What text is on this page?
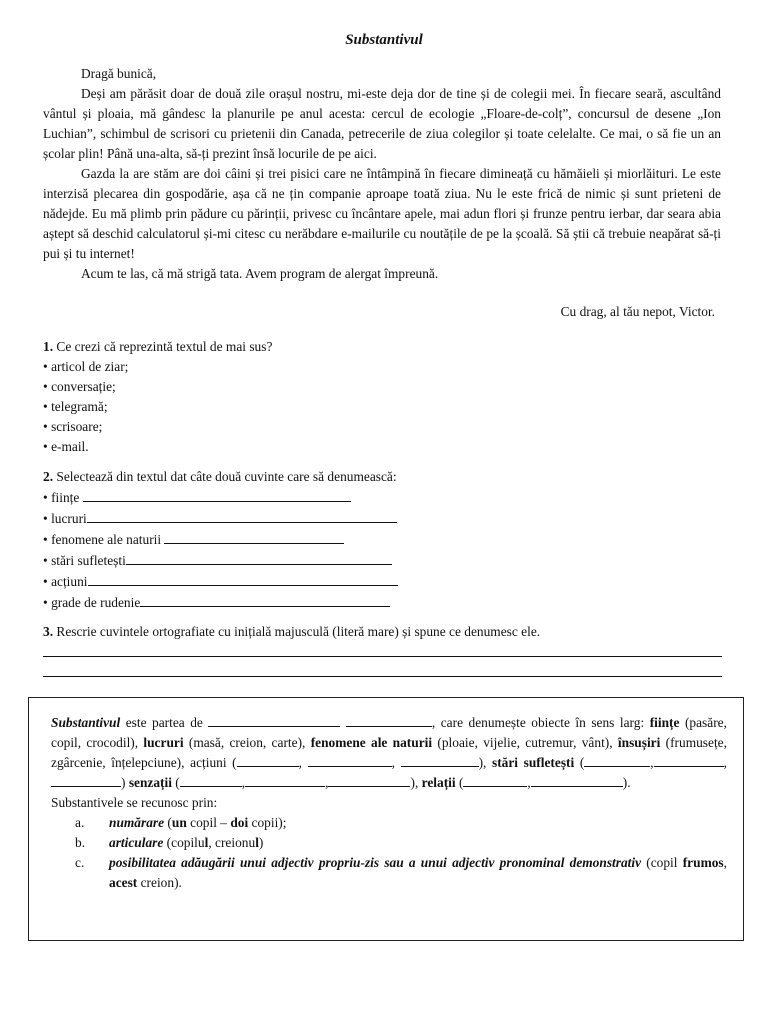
Substantivul

Dragă bunică,

Deși am părăsit doar de două zile orașul nostru, mi-este deja dor de tine și de colegii mei. În fiecare seară, ascultând vântul și ploaia, mă gândesc la planurile pe anul acesta: cercul de ecologie „Floare-de-colț”, concursul de desene „Ion Luchian”, schimbul de scrisori cu prietenii din Canada, petrecerile de ziua colegilor și toate celelalte. Ce mai, o să fie un an școlar plin! Până una-alta, să-ți prezint însă locurile de pe aici.

Gazda la are stăm are doi câini și trei pisici care ne întâmpină în fiecare dimineață cu hămăieli și miorlăituri. Le este interzisă plecarea din gospodărie, așa că ne țin companie aproape toată ziua. Nu le este frică de nimic și sunt prieteni de nădejde. Eu mă plimb prin pădure cu părinții, privesc cu încântare apele, mai adun flori și frunze pentru ierbar, dar seara abia aștept să deschid calculatorul și-mi citesc cu nerăbdare e-mailurile cu noutățile de pe la școală. Să știi că trebuie neapărat să-ți pui și tu internet!

Acum te las, că mă strigă tata. Avem program de alergat împreună.

Cu drag, al tău nepot, Victor.
1. Ce crezi că reprezintă textul de mai sus?
• articol de ziar;
• conversație;
• telegramă;
• scrisoare;
• e-mail.
2. Selectează din textul dat câte două cuvinte care să denumească:
• ființe
• lucruri
• fenomene ale naturii
• stări sufletești
• acțiuni
• grade de rudenie
3. Rescrie cuvintele ortografiate cu inițială majusculă (literă mare) și spune ce denumesc ele.
Substantivul este partea de	, care denumește obiecte în sens larg: ființe (pasăre, copil, crocodil), lucruri (masă, creion, carte), fenomene ale naturii (ploaie, vijelie, cutremur, vânt), însușiri (frumusețe, zgârcenie, înțelepciune), acțiuni (	,	,	), stări sufletești (	,	, ) senzații (	,	,	), relații (	,	).
Substantivele se recunosc prin:
a. numărare (un copil – doi copii);
b. articulare (copilul, creionul)
c. posibilitatea adăugării unui adjectiv propriu-zis sau a unui adjectiv pronominal demonstrativ (copil frumos, acest creion).
